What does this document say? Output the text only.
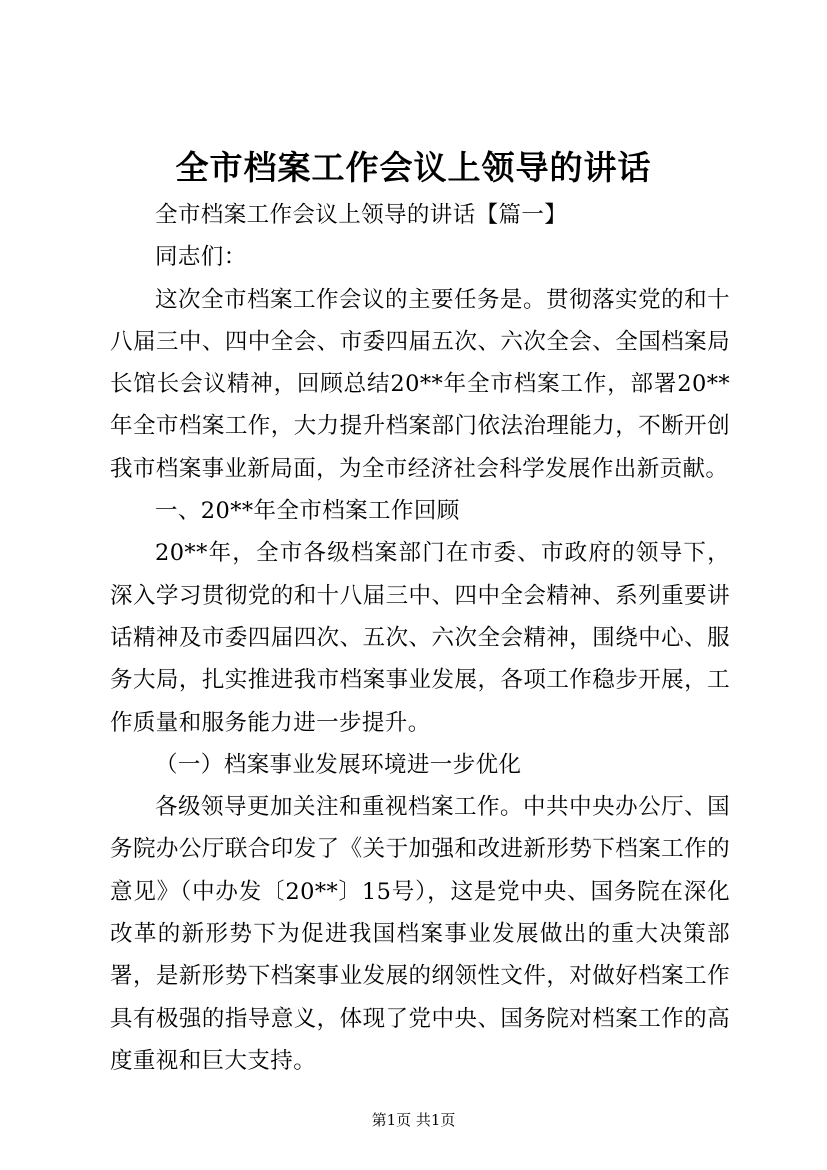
全市档案工作会议上领导的讲话

全市档案工作会议上领导的讲话【篇一】

同志们：

这次全市档案工作会议的主要任务是。贯彻落实党的和十八届三中、四中全会、市委四届五次、六次全会、全国档案局长馆长会议精神，回顾总结20**年全市档案工作，部署20**年全市档案工作，大力提升档案部门依法治理能力，不断开创我市档案事业新局面，为全市经济社会科学发展作出新贡献。

一、20**年全市档案工作回顾

20**年，全市各级档案部门在市委、市政府的领导下，深入学习贯彻党的和十八届三中、四中全会精神、系列重要讲话精神及市委四届四次、五次、六次全会精神，围绕中心、服务大局，扎实推进我市档案事业发展，各项工作稳步开展，工作质量和服务能力进一步提升。

（一）档案事业发展环境进一步优化

各级领导更加关注和重视档案工作。中共中央办公厅、国务院办公厅联合印发了《关于加强和改进新形势下档案工作的意见》（中办发〔20**〕15号），这是党中央、国务院在深化改革的新形势下为促进我国档案事业发展做出的重大决策部署，是新形势下档案事业发展的纲领性文件，对做好档案工作具有极强的指导意义，体现了党中央、国务院对档案工作的高度重视和巨大支持。

第1页 共1页
